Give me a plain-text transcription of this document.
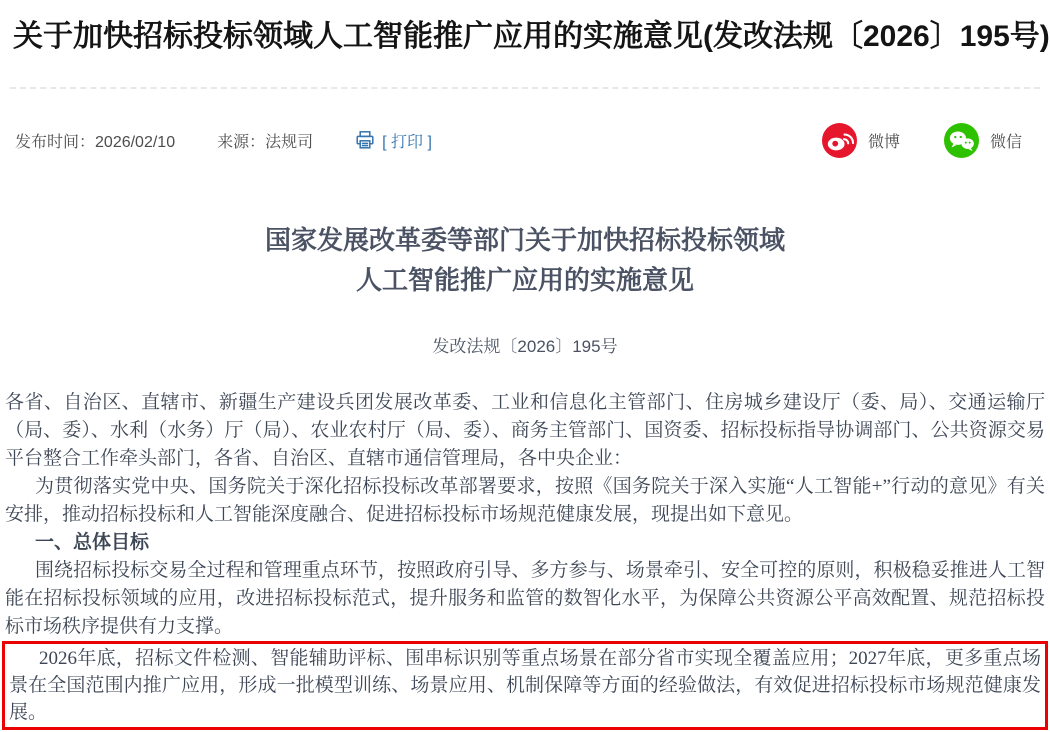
关于加快招标投标领域人工智能推广应用的实施意见(发改法规〔2026〕195号)
发布时间：2026/02/10	来源：法规司	[ 打印 ]	微博	微信
国家发展改革委等部门关于加快招标投标领域
人工智能推广应用的实施意见
发改法规〔2026〕195号

各省、自治区、直辖市、新疆生产建设兵团发展改革委、工业和信息化主管部门、住房城乡建设厅（委、局）、交通运输厅（局、委）、水利（水务）厅（局）、农业农村厅（局、委）、商务主管部门、国资委、招标投标指导协调部门、公共资源交易平台整合工作牵头部门，各省、自治区、直辖市通信管理局，各中央企业：

为贯彻落实党中央、国务院关于深化招标投标改革部署要求，按照《国务院关于深入实施“人工智能+”行动的意见》有关安排，推动招标投标和人工智能深度融合、促进招标投标市场规范健康发展，现提出如下意见。

一、总体目标

围绕招标投标交易全过程和管理重点环节，按照政府引导、多方参与、场景牵引、安全可控的原则，积极稳妥推进人工智能在招标投标领域的应用，改进招标投标范式，提升服务和监管的数智化水平，为保障公共资源公平高效配置、规范招标投标市场秩序提供有力支撑。

2026年底，招标文件检测、智能辅助评标、围串标识别等重点场景在部分省市实现全覆盖应用；2027年底，更多重点场景在全国范围内推广应用，形成一批模型训练、场景应用、机制保障等方面的经验做法，有效促进招标投标市场规范健康发展。
